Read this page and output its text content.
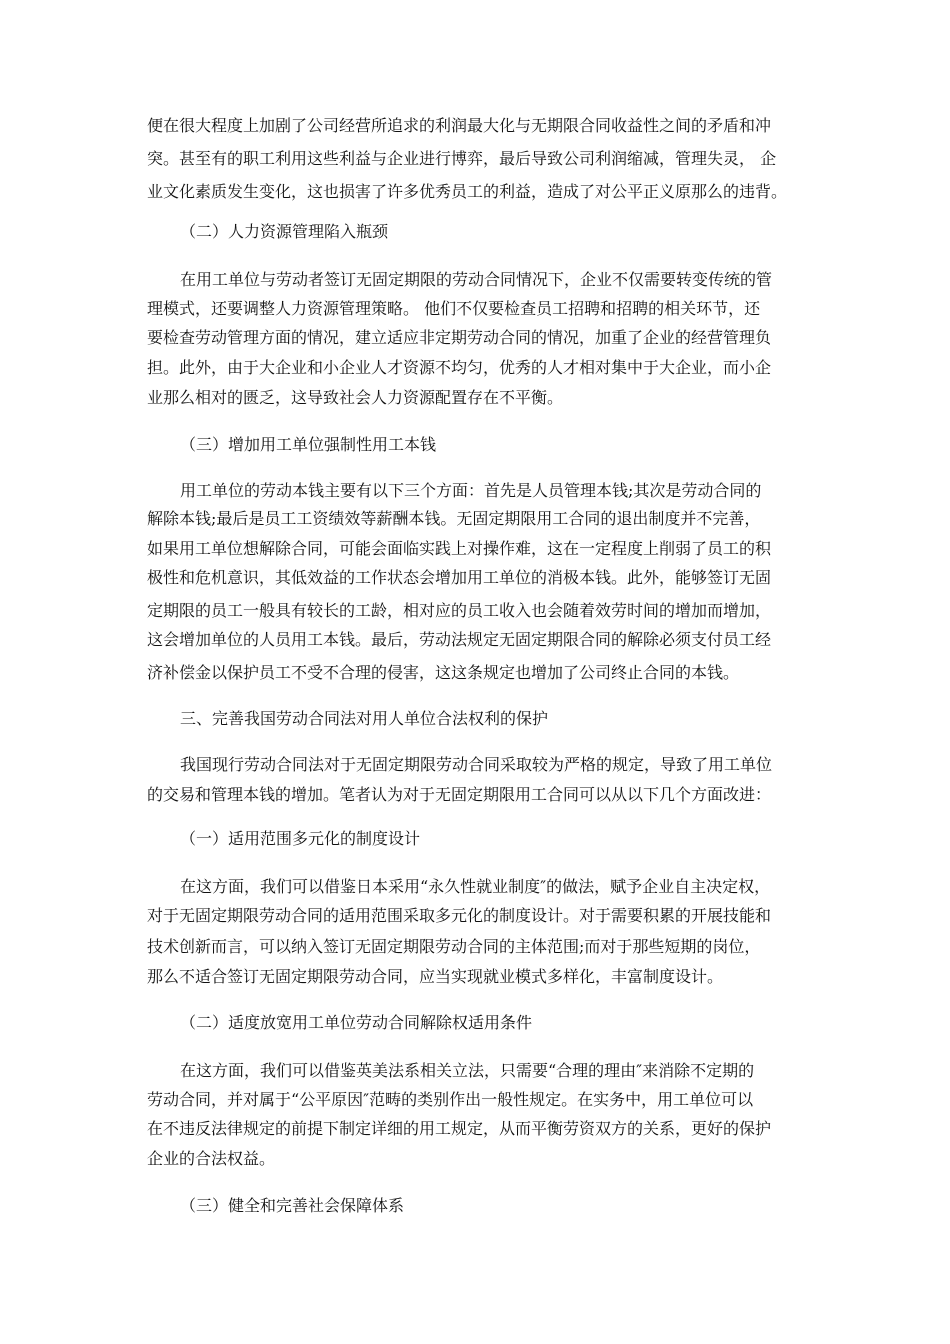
便在很大程度上加剧了公司经营所追求的利润最大化与无期限合同收益性之间的矛盾和冲
突。甚至有的职工利用这些利益与企业进行博弈，最后导致公司利润缩减，管理失灵， 企
业文化素质发生变化，这也损害了许多优秀员工的利益，造成了对公平正义原那么的违背。
（二）人力资源管理陷入瓶颈
在用工单位与劳动者签订无固定期限的劳动合同情况下，企业不仅需要转变传统的管
理模式，还要调整人力资源管理策略。 他们不仅要检查员工招聘和招聘的相关环节，还
要检查劳动管理方面的情况，建立适应非定期劳动合同的情况，加重了企业的经营管理负
担。此外，由于大企业和小企业人才资源不均匀，优秀的人才相对集中于大企业，而小企
业那么相对的匮乏，这导致社会人力资源配置存在不平衡。
（三）增加用工单位强制性用工本钱
用工单位的劳动本钱主要有以下三个方面：首先是人员管理本钱;其次是劳动合同的
解除本钱;最后是员工工资绩效等薪酬本钱。无固定期限用工合同的退出制度并不完善，
如果用工单位想解除合同，可能会面临实践上对操作难，这在一定程度上削弱了员工的积
极性和危机意识，其低效益的工作状态会增加用工单位的消极本钱。此外，能够签订无固
定期限的员工一般具有较长的工龄，相对应的员工收入也会随着效劳时间的增加而增加，
这会增加单位的人员用工本钱。最后，劳动法规定无固定期限合同的解除必须支付员工经
济补偿金以保护员工不受不合理的侵害，这这条规定也增加了公司终止合同的本钱。
三、完善我国劳动合同法对用人单位合法权利的保护
我国现行劳动合同法对于无固定期限劳动合同采取较为严格的规定，导致了用工单位
的交易和管理本钱的增加。笔者认为对于无固定期限用工合同可以从以下几个方面改进：
（一）适用范围多元化的制度设计
在这方面，我们可以借鉴日本采用“永久性就业制度″的做法，赋予企业自主决定权，
对于无固定期限劳动合同的适用范围采取多元化的制度设计。对于需要积累的开展技能和
技术创新而言，可以纳入签订无固定期限劳动合同的主体范围;而对于那些短期的岗位，
那么不适合签订无固定期限劳动合同，应当实现就业模式多样化，丰富制度设计。
（二）适度放宽用工单位劳动合同解除权适用条件
在这方面，我们可以借鉴英美法系相关立法，只需要“合理的理由″来消除不定期的
劳动合同，并对属于“公平原因″范畴的类别作出一般性规定。在实务中，用工单位可以
在不违反法律规定的前提下制定详细的用工规定，从而平衡劳资双方的关系，更好的保护
企业的合法权益。
（三）健全和完善社会保障体系
